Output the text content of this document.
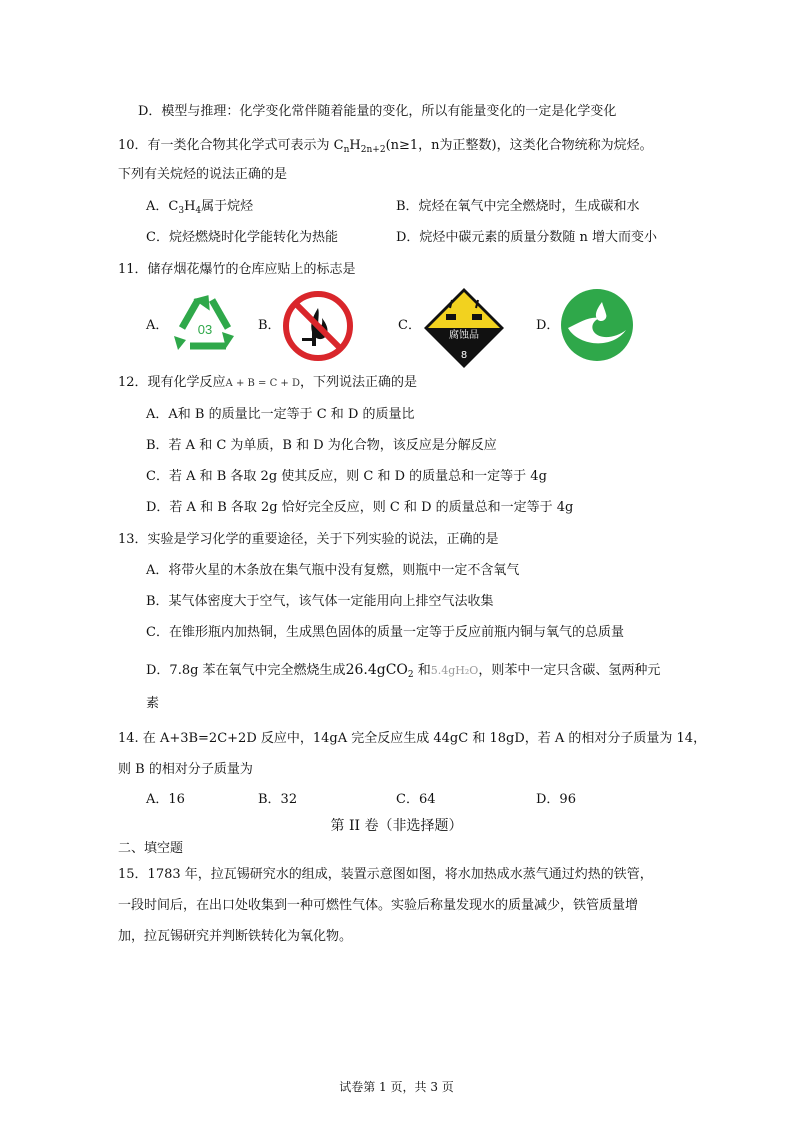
D．模型与推理：化学变化常伴随着能量的变化，所以有能量变化的一定是化学变化
10．有一类化合物其化学式可表示为 $C_nH_{2n+2}(n\ge 1$，n为正整数)，这类化合物统称为烷烃。
下列有关烷烃的说法正确的是
A．$C_3H_4$属于烷烃	B．烷烃在氧气中完全燃烧时，生成碳和水
C．烷烃燃烧时化学能转化为热能	D．烷烃中碳元素的质量分数随 n 增大而变小
11．储存烟花爆竹的仓库应贴上的标志是
A． 03	B．	C．
腐蚀品
8
D．
12．现有化学反应A + B = C + D，下列说法正确的是
A．A和 B 的质量比一定等于 C 和 D 的质量比
B．若 A 和 C 为单质，B 和 D 为化合物，该反应是分解反应
C．若 A 和 B 各取 2g 使其反应，则 C 和 D 的质量总和一定等于 4g
D．若 A 和 B 各取 2g 恰好完全反应，则 C 和 D 的质量总和一定等于 4g
13．实验是学习化学的重要途径，关于下列实验的说法，正确的是
A．将带火星的木条放在集气瓶中没有复燃，则瓶中一定不含氧气
B．某气体密度大于空气，该气体一定能用向上排空气法收集
C．在锥形瓶内加热铜，生成黑色固体的质量一定等于反应前瓶内铜与氧气的总质量
D．7.8g 苯在氧气中完全燃烧生成26.4gCO$_2$ 和5.4gH₂O，则苯中一定只含碳、氢两种元
素
14. 在 A+3B=2C+2D 反应中，14gA 完全反应生成 44gC 和 18gD，若 A 的相对分子质量为 14，
则 B 的相对分子质量为
A．16	B．32	C．64	D．96
第 II 卷（非选择题）
二、填空题
15．1783 年，拉瓦锡研究水的组成，装置示意图如图，将水加热成水蒸气通过灼热的铁管，
一段时间后，在出口处收集到一种可燃性气体。实验后称量发现水的质量减少，铁管质量增
加，拉瓦锡研究并判断铁转化为氧化物。
试卷第 1 页，共 3 页
